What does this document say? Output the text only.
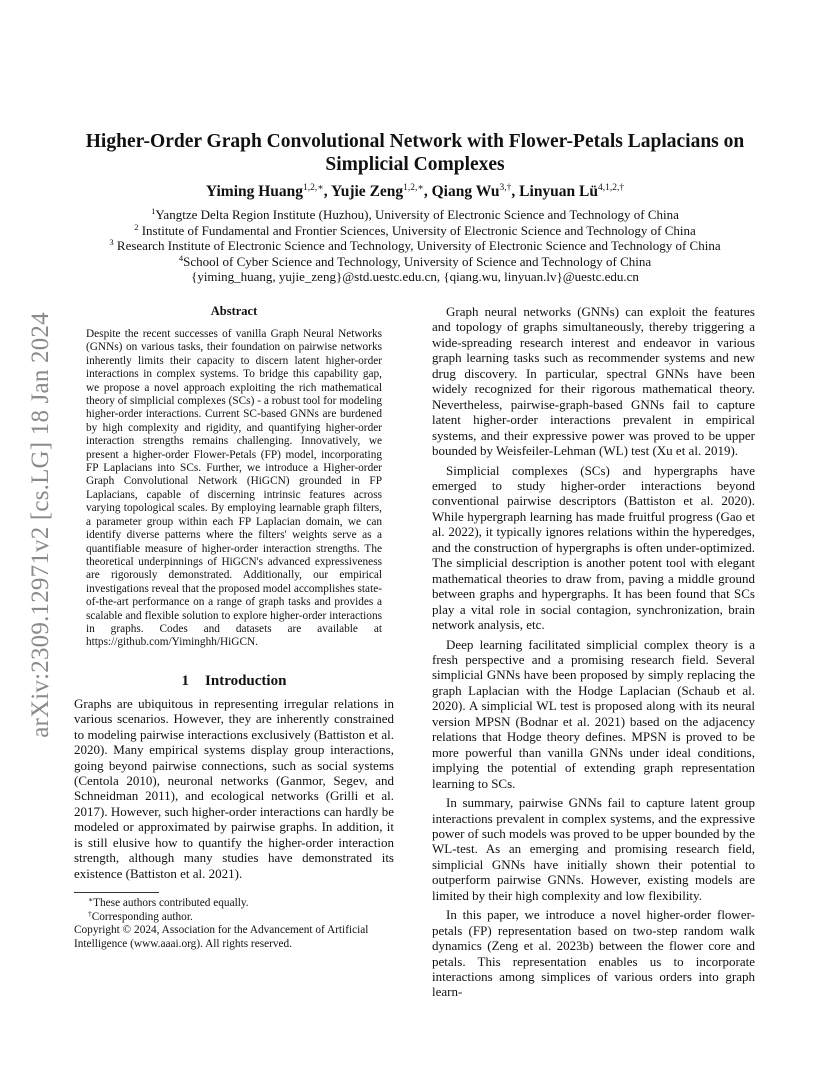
arXiv:2309.12971v2 [cs.LG] 18 Jan 2024
Higher-Order Graph Convolutional Network with Flower-Petals Laplacians on Simplicial Complexes
Yiming Huang$^{1,2,∗}$, Yujie Zeng$^{1,2,∗}$, Qiang $Wu^{3,\dagger}$, Linyuan $Lü^{4,1,2,\dagger}$
$^1$Yangtze Delta Region Institute (Huzhou), University of Electronic Science and Technology of China
$^2$ Institute of Fundamental and Frontier Sciences, University of Electronic Science and Technology of China
$^3$ Research Institute of Electronic Science and Technology, University of Electronic Science and Technology of China
$^4$School of Cyber Science and Technology, University of Science and Technology of China
{yiming_huang, yujie_zeng}@std.uestc.edu.cn, {qiang.wu, linyuan.lv}@uestc.edu.cn
Abstract

Despite the recent successes of vanilla Graph Neural Networks (GNNs) on various tasks, their foundation on pairwise networks inherently limits their capacity to discern latent higher-order interactions in complex systems. To bridge this capability gap, we propose a novel approach exploiting the rich mathematical theory of simplicial complexes (SCs) - a robust tool for modeling higher-order interactions. Current SC-based GNNs are burdened by high complexity and rigidity, and quantifying higher-order interaction strengths remains challenging. Innovatively, we present a higher-order Flower-Petals (FP) model, incorporating FP Laplacians into SCs. Further, we introduce a Higher-order Graph Convolutional Network (HiGCN) grounded in FP Laplacians, capable of discerning intrinsic features across varying topological scales. By employing learnable graph filters, a parameter group within each FP Laplacian domain, we can identify diverse patterns where the filters' weights serve as a quantifiable measure of higher-order interaction strengths. The theoretical underpinnings of HiGCN's advanced expressiveness are rigorously demonstrated. Additionally, our empirical investigations reveal that the proposed model accomplishes state-of-the-art performance on a range of graph tasks and provides a scalable and flexible solution to explore higher-order interactions in graphs. Codes and datasets are available at https://github.com/Yiminghh/HiGCN.

1 Introduction

Graphs are ubiquitous in representing irregular relations in various scenarios. However, they are inherently constrained to modeling pairwise interactions exclusively (Battiston et al. 2020). Many empirical systems display group interactions, going beyond pairwise connections, such as social systems (Centola 2010), neuronal networks (Ganmor, Segev, and Schneidman 2011), and ecological networks (Grilli et al. 2017). However, such higher-order interactions can hardly be modeled or approximated by pairwise graphs. In addition, it is still elusive how to quantify the higher-order interaction strength, although many studies have demonstrated its existence (Battiston et al. 2021).

∗These authors contributed equally.

†Corresponding author.

Copyright © 2024, Association for the Advancement of Artificial Intelligence (www.aaai.org). All rights reserved.

Graph neural networks (GNNs) can exploit the features and topology of graphs simultaneously, thereby triggering a wide-spreading research interest and endeavor in various graph learning tasks such as recommender systems and new drug discovery. In particular, spectral GNNs have been widely recognized for their rigorous mathematical theory. Nevertheless, pairwise-graph-based GNNs fail to capture latent higher-order interactions prevalent in empirical systems, and their expressive power was proved to be upper bounded by Weisfeiler-Lehman (WL) test (Xu et al. 2019).

Simplicial complexes (SCs) and hypergraphs have emerged to study higher-order interactions beyond conventional pairwise descriptors (Battiston et al. 2020). While hypergraph learning has made fruitful progress (Gao et al. 2022), it typically ignores relations within the hyperedges, and the construction of hypergraphs is often under-optimized. The simplicial description is another potent tool with elegant mathematical theories to draw from, paving a middle ground between graphs and hypergraphs. It has been found that SCs play a vital role in social contagion, synchronization, brain network analysis, etc.

Deep learning facilitated simplicial complex theory is a fresh perspective and a promising research field. Several simplicial GNNs have been proposed by simply replacing the graph Laplacian with the Hodge Laplacian (Schaub et al. 2020). A simplicial WL test is proposed along with its neural version MPSN (Bodnar et al. 2021) based on the adjacency relations that Hodge theory defines. MPSN is proved to be more powerful than vanilla GNNs under ideal conditions, implying the potential of extending graph representation learning to SCs.

In summary, pairwise GNNs fail to capture latent group interactions prevalent in complex systems, and the expressive power of such models was proved to be upper bounded by the WL-test. As an emerging and promising research field, simplicial GNNs have initially shown their potential to outperform pairwise GNNs. However, existing models are limited by their high complexity and low flexibility.

In this paper, we introduce a novel higher-order flower-petals (FP) representation based on two-step random walk dynamics (Zeng et al. 2023b) between the flower core and petals. This representation enables us to incorporate interactions among simplices of various orders into graph learn-
